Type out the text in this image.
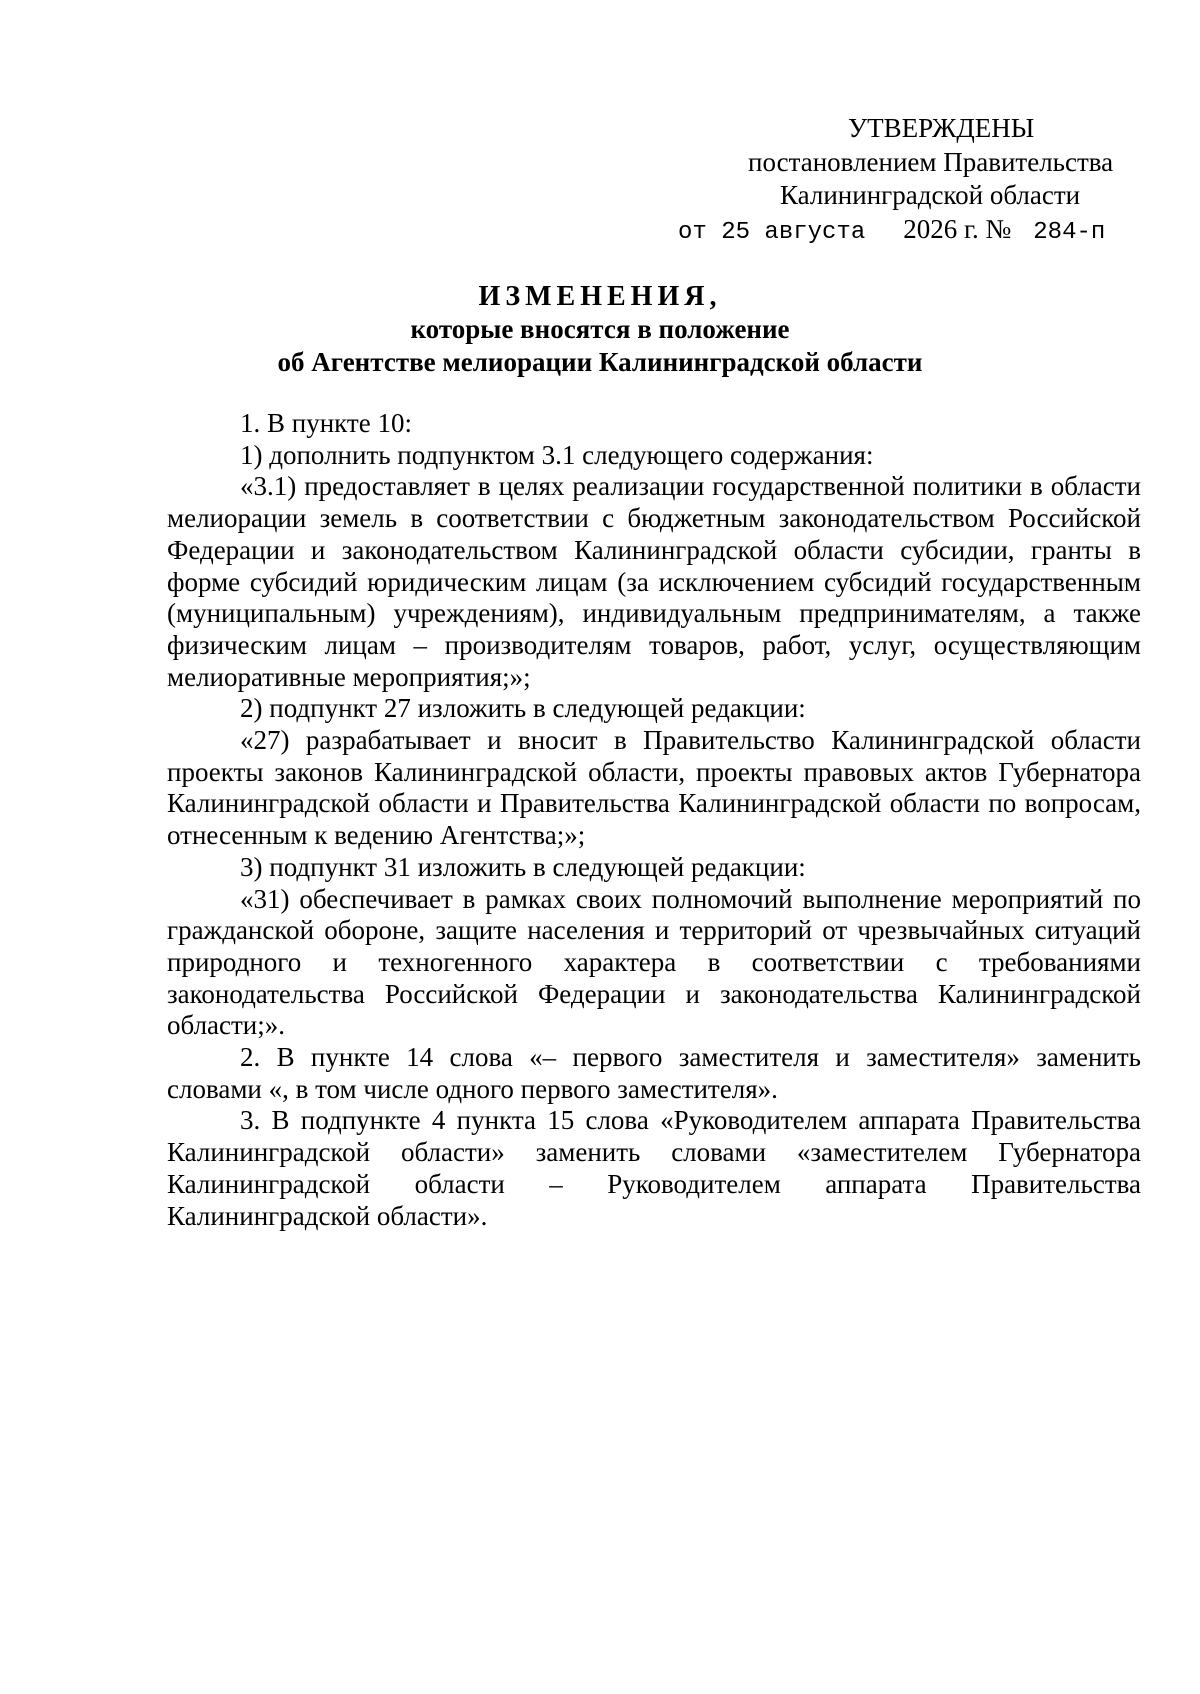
УТВЕРЖДЕНЫ
постановлением Правительства
Калининградской области
от 25 августа 2026 г. № 284-п
ИЗМЕНЕНИЯ,
которые вносятся в положение
об Агентстве мелиорации Калининградской области

1. В пункте 10:

1) дополнить подпунктом 3.1 следующего содержания:

«3.1) предоставляет в целях реализации государственной политики в области мелиорации земель в соответствии с бюджетным законодательством Российской Федерации и законодательством Калининградской области субсидии, гранты в форме субсидий юридическим лицам (за исключением субсидий государственным (муниципальным) учреждениям), индивидуальным предпринимателям, а также физическим лицам – производителям товаров, работ, услуг, осуществляющим мелиоративные мероприятия;»;

2) подпункт 27 изложить в следующей редакции:

«27) разрабатывает и вносит в Правительство Калининградской области проекты законов Калининградской области, проекты правовых актов Губернатора Калининградской области и Правительства Калининградской области по вопросам, отнесенным к ведению Агентства;»;

3) подпункт 31 изложить в следующей редакции:

«31) обеспечивает в рамках своих полномочий выполнение мероприятий по гражданской обороне, защите населения и территорий от чрезвычайных ситуаций природного и техногенного характера в соответствии с требованиями законодательства Российской Федерации и законодательства Калининградской области;».

2. В пункте 14 слова «– первого заместителя и заместителя» заменить словами «, в том числе одного первого заместителя».

3. В подпункте 4 пункта 15 слова «Руководителем аппарата Правительства Калининградской области» заменить словами «заместителем Губернатора Калининградской области – Руководителем аппарата Правительства Калининградской области».
